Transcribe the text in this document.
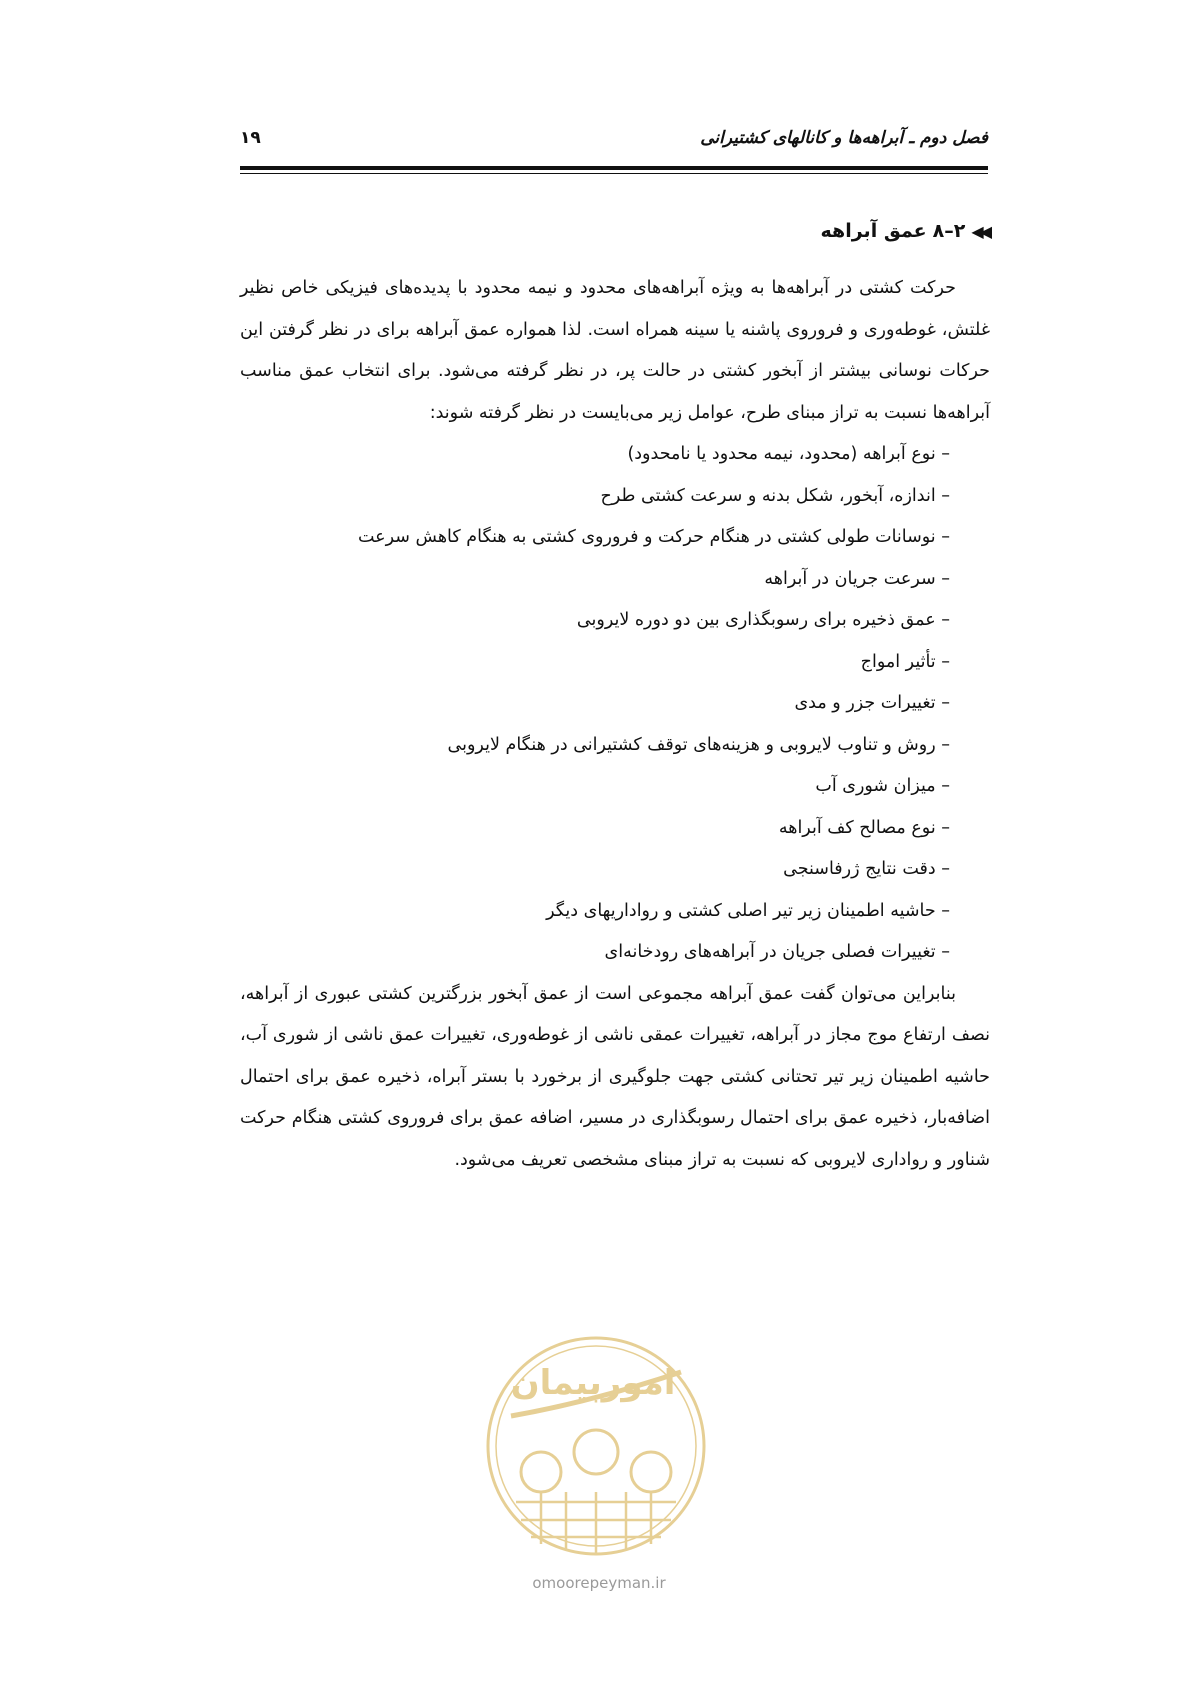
فصل دوم ـ آبراهه‌ها و کانالهای کشتیرانی
۱۹
◀◀
۲–۸
عمق آبراهه

حرکت کشتی در آبراهه‌ها به ویژه آبراهه‌های محدود و نیمه محدود با پدیده‌های فیزیکی خاص نظیر غلتش، غوطه‌وری و فروروی پاشنه یا سینه همراه است. لذا همواره عمق آبراهه برای در نظر گرفتن این حرکات نوسانی بیشتر از آبخور کشتی در حالت پر، در نظر گرفته می‌شود. برای انتخاب عمق مناسب آبراهه‌ها نسبت به تراز مبنای طرح، عوامل زیر می‌بایست در نظر گرفته شوند:

– نوع آبراهه (محدود، نیمه محدود یا نامحدود)
– اندازه، آبخور، شکل بدنه و سرعت کشتی طرح
– نوسانات طولی کشتی در هنگام حرکت و فروروی کشتی به هنگام کاهش سرعت
– سرعت جریان در آبراهه
– عمق ذخیره برای رسوبگذاری بین دو دوره لایروبی
– تأثیر امواج
– تغییرات جزر و مدی
– روش و تناوب لایروبی و هزینه‌های توقف کشتیرانی در هنگام لایروبی
– میزان شوری آب
– نوع مصالح کف آبراهه
– دقت نتایج ژرفاسنجی
– حاشیه اطمینان زیر تیر اصلی کشتی و رواداریهای دیگر
– تغییرات فصلی جریان در آبراهه‌های رودخانه‌ای

بنابراین می‌توان گفت عمق آبراهه مجموعی است از عمق آبخور بزرگترین کشتی عبوری از آبراهه، نصف ارتفاع موج مجاز در آبراهه، تغییرات عمقی ناشی از غوطه‌وری، تغییرات عمق ناشی از شوری آب، حاشیه اطمینان زیر تیر تحتانی کشتی جهت جلوگیری از برخورد با بستر آبراه، ذخیره عمق برای احتمال اضافه‌بار، ذخیره عمق برای احتمال رسوبگذاری در مسیر، اضافه عمق برای فروروی کشتی هنگام حرکت شناور و رواداری لایروبی که نسبت به تراز مبنای مشخصی تعریف می‌شود.

امورپیمان
omoorepeyman.ir
